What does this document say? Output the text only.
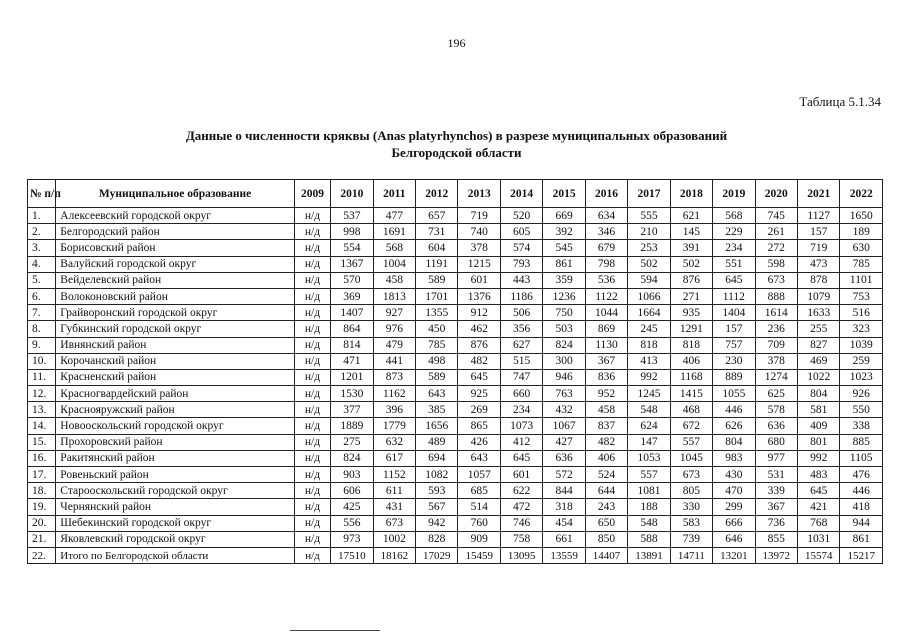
196
Таблица 5.1.34
Данные о численности кряквы (Anas platyrhynchos) в разрезе муниципальных образований
Белгородской области
№ п/п	Муниципальное образование	2009	2010	2011	2012	2013	2014	2015	2016	2017	2018	2019	2020	2021	2022
1.	Алексеевский городской округ	н/д	537	477	657	719	520	669	634	555	621	568	745	1127	1650
2.	Белгородский район	н/д	998	1691	731	740	605	392	346	210	145	229	261	157	189
3.	Борисовский район	н/д	554	568	604	378	574	545	679	253	391	234	272	719	630
4.	Валуйский городской округ	н/д	1367	1004	1191	1215	793	861	798	502	502	551	598	473	785
5.	Вейделевский район	н/д	570	458	589	601	443	359	536	594	876	645	673	878	1101
6.	Волоконовский район	н/д	369	1813	1701	1376	1186	1236	1122	1066	271	1112	888	1079	753
7.	Грайворонский городской округ	н/д	1407	927	1355	912	506	750	1044	1664	935	1404	1614	1633	516
8.	Губкинский городской округ	н/д	864	976	450	462	356	503	869	245	1291	157	236	255	323
9.	Ивнянский район	н/д	814	479	785	876	627	824	1130	818	818	757	709	827	1039
10.	Корочанский район	н/д	471	441	498	482	515	300	367	413	406	230	378	469	259
11.	Красненский район	н/д	1201	873	589	645	747	946	836	992	1168	889	1274	1022	1023
12.	Красногвардейский район	н/д	1530	1162	643	925	660	763	952	1245	1415	1055	625	804	926
13.	Краснояружский район	н/д	377	396	385	269	234	432	458	548	468	446	578	581	550
14.	Новооскольский городской округ	н/д	1889	1779	1656	865	1073	1067	837	624	672	626	636	409	338
15.	Прохоровский район	н/д	275	632	489	426	412	427	482	147	557	804	680	801	885
16.	Ракитянский район	н/д	824	617	694	643	645	636	406	1053	1045	983	977	992	1105
17.	Ровеньский район	н/д	903	1152	1082	1057	601	572	524	557	673	430	531	483	476
18.	Старооскольский городской округ	н/д	606	611	593	685	622	844	644	1081	805	470	339	645	446
19.	Чернянский район	н/д	425	431	567	514	472	318	243	188	330	299	367	421	418
20.	Шебекинский городской округ	н/д	556	673	942	760	746	454	650	548	583	666	736	768	944
21.	Яковлевский городской округ	н/д	973	1002	828	909	758	661	850	588	739	646	855	1031	861
22.	Итого по Белгородской области	н/д	17510	18162	17029	15459	13095	13559	14407	13891	14711	13201	13972	15574	15217
